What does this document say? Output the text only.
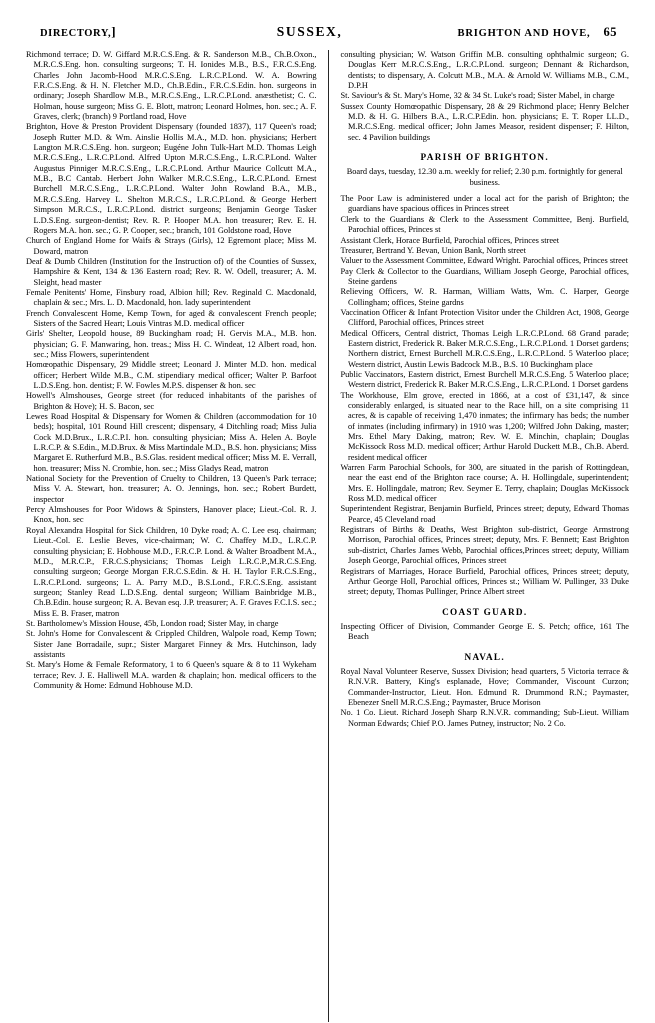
DIRECTORY,]	SUSSEX,	BRIGHTON AND HOVE, 65

Richmond terrace; D. W. Giffard M.R.C.S.Eng. & R. Sanderson M.B., Ch.B.Oxon., M.R.C.S.Eng. hon. consulting surgeons; T. H. Ionides M.B., B.S., F.R.C.S.Eng. Charles John Jacomb-Hood M.R.C.S.Eng. L.R.C.P.Lond. W. A. Bowring F.R.C.S.Eng. & H. N. Fletcher M.D., Ch.B.Edin., F.R.C.S.Edin. hon. surgeons in ordinary; Joseph Shardlow M.B., M.R.C.S.Eng., L.R.C.P.Lond. anæsthetist; C. C. Holman, house surgeon; Miss G. E. Blott, matron; Leonard Holmes, hon. sec.; A. F. Graves, clerk; (branch) 9 Portland road, Hove

Brighton, Hove & Preston Provident Dispensary (founded 1837), 117 Queen's road; Joseph Rutter M.D. & Wm. Ainslie Hollis M.A., M.D. hon. physicians; Herbert Langton M.R.C.S.Eng. hon. surgeon; Eugéne John Tulk-Hart M.D. Thomas Leigh M.R.C.S.Eng., L.R.C.P.Lond. Alfred Upton M.R.C.S.Eng., L.R.C.P.Lond. Walter Augustus Pinniger M.R.C.S.Eng., L.R.C.P.Lond. Arthur Maurice Collcutt M.A., M.B., B.C Cantab. Herbert John Walker M.R.C.S.Eng., L.R.C.P.Lond. Ernest Burchell M.R.C.S.Eng., L.R.C.P.Lond. Walter John Rowland B.A., M.B., M.R.C.S.Eng. Harvey L. Shelton M.R.C.S., L.R.C.P.Lond. & George Herbert Simpson M.R.C.S., L.R.C.P.Lond. district surgeons; Benjamin George Tasker L.D.S.Eng. surgeon-dentist; Rev. R. P. Hooper M.A. hon treasurer; Rev. E. H. Rogers M.A. hon. sec.; G. P. Cooper, sec.; branch, 101 Goldstone road, Hove

Church of England Home for Waifs & Strays (Girls), 12 Egremont place; Miss M. Doward, matron

Deaf & Dumb Children (Institution for the Instruction of) of the Counties of Sussex, Hampshire & Kent, 134 & 136 Eastern road; Rev. R. W. Odell, treasurer; A. M. Sleight, head master

Female Penitents' Home, Finsbury road, Albion hill; Rev. Reginald C. Macdonald, chaplain & sec.; Mrs. L. D. Macdonald, hon. lady superintendent

French Convalescent Home, Kemp Town, for aged & convalescent French people; Sisters of the Sacred Heart; Louis Vintras M.D. medical officer

Girls' Shelter, Leopold house, 89 Buckingham road; H. Gervis M.A., M.B. hon. physician; G. F. Manwaring, hon. treas.; Miss H. C. Windeat, 12 Albert road, hon. sec.; Miss Flowers, superintendent

Homœopathic Dispensary, 29 Middle street; Leonard J. Minter M.D. hon. medical officer; Herbert Wilde M.B., C.M. stipendiary medical officer; Walter P. Barfoot L.D.S.Eng. hon. dentist; F. W. Fowles M.P.S. dispenser & hon. sec

Howell's Almshouses, George street (for reduced inhabitants of the parishes of Brighton & Hove); H. S. Bacon, sec

Lewes Road Hospital & Dispensary for Women & Children (accommodation for 10 beds); hospital, 101 Round Hill crescent; dispensary, 4 Ditchling road; Miss Julia Cock M.D.Brux., L.R.C.P.I. hon. consulting physician; Miss A. Helen A. Boyle L.R.C.P. & S.Edin., M.D.Brux. & Miss Martindale M.D., B.S. hon. physicians; Miss Margaret E. Rutherfurd M.B., B.S.Glas. resident medical officer; Miss M. E. Verrall, hon. treasurer; Miss N. Crombie, hon. sec.; Miss Gladys Read, matron

National Society for the Prevention of Cruelty to Children, 13 Queen's Park terrace; Miss V. A. Stewart, hon. treasurer; A. O. Jennings, hon. sec.; Robert Burdett, inspector

Percy Almshouses for Poor Widows & Spinsters, Hanover place; Lieut.-Col. R. J. Knox, hon. sec

Royal Alexandra Hospital for Sick Children, 10 Dyke road; A. C. Lee esq. chairman; Lieut.-Col. E. Leslie Beves, vice-chairman; W. C. Chaffey M.D., L.R.C.P. consulting physician; E. Hobhouse M.D., F.R.C.P. Lond. & Walter Broadbent M.A., M.D., M.R.C.P., F.R.C.S.physicians; Thomas Leigh L.R.C.P.,M.R.C.S.Eng. consulting surgeon; George Morgan F.R.C.S.Edin. & H. H. Taylor F.R.C.S.Eng., L.R.C.P.Lond. surgeons; L. A. Parry M.D., B.S.Lond., F.R.C.S.Eng. assistant surgeon; Stanley Read L.D.S.Eng. dental surgeon; William Bainbridge M.B., Ch.B.Edin. house surgeon; R. A. Bevan esq. J.P. treasurer; A. F. Graves F.C.I.S. sec.; Miss E. B. Fraser, matron

St. Bartholomew's Mission House, 45b, London road; Sister May, in charge

St. John's Home for Convalescent & Crippled Children, Walpole road, Kemp Town; Sister Jane Borradaile, supr.; Sister Margaret Finney & Mrs. Hutchinson, lady assistants

St. Mary's Home & Female Reformatory, 1 to 6 Queen's square & 8 to 11 Wykeham terrace; Rev. J. E. Halliwell M.A. warden & chaplain; hon. medical officers to the Community & Home: Edmund Hobhouse M.D.

consulting physician; W. Watson Griffin M.B. consulting ophthalmic surgeon; G. Douglas Kerr M.R.C.S.Eng., L.R.C.P.Lond. surgeon; Dennant & Richardson, dentists; to dispensary, A. Colcutt M.B., M.A. & Arnold W. Williams M.B., C.M., D.P.H

St. Saviour's & St. Mary's Home, 32 & 34 St. Luke's road; Sister Mabel, in charge

Sussex County Homœopathic Dispensary, 28 & 29 Richmond place; Henry Belcher M.D. & H. G. Hilbers B.A., L.R.C.P.Edin. hon. physicians; E. T. Roper LL.D., M.R.C.S.Eng. medical officer; John James Measor, resident dispenser; F. Hilton, sec. 4 Pavilion buildings

PARISH OF BRIGHTON.

Board days, tuesday, 12.30 a.m. weekly for relief; 2.30 p.m. fortnightly for general business.

The Poor Law is administered under a local act for the parish of Brighton; the guardians have spacious offices in Princes street

Clerk to the Guardians & Clerk to the Assessment Committee, Benj. Burfield, Parochial offices, Princes st

Assistant Clerk, Horace Burfield, Parochial offices, Princes street

Treasurer, Bertrand Y. Bevan, Union Bank, North street

Valuer to the Assessment Committee, Edward Wright. Parochial offices, Princes street

Pay Clerk & Collector to the Guardians, William Joseph George, Parochial offices, Steine gardens

Relieving Officers, W. R. Harman, William Watts, Wm. C. Harper, George Collingham; offices, Steine gardns

Vaccination Officer & Infant Protection Visitor under the Children Act, 1908, George Clifford, Parochial offices, Princes street

Medical Officers, Central district, Thomas Leigh L.R.C.P.Lond. 68 Grand parade; Eastern district, Frederick R. Baker M.R.C.S.Eng., L.R.C.P.Lond. 1 Dorset gardens; Northern district, Ernest Burchell M.R.C.S.Eng., L.R.C.P.Lond. 5 Waterloo place; Western district, Austin Lewis Badcock M.B., B.S. 10 Buckingham place

Public Vaccinators, Eastern district, Ernest Burchell M.R.C.S.Eng. 5 Waterloo place; Western district, Frederick R. Baker M.R.C.S.Eng., L.R.C.P.Lond. 1 Dorset gardens

The Workhouse, Elm grove, erected in 1866, at a cost of £31,147, & since considerably enlarged, is situated near to the Race hill, on a site comprising 11 acres, & is capable of receiving 1,470 inmates; the infirmary has beds; the number of inmates (including infirmary) in 1910 was 1,200; Wilfred John Daking, master; Mrs. Ethel Mary Daking, matron; Rev. W. E. Minchin, chaplain; Douglas McKissock Ross M.D. medical officer; Arthur Harold Duckett M.B., Ch.B. Aberd. resident medical officer

Warren Farm Parochial Schools, for 300, are situated in the parish of Rottingdean, near the east end of the Brighton race course; A. H. Hollingdale, superintendent; Mrs. E. Hollingdale, matron; Rev. Seymer E. Terry, chaplain; Douglas McKissock Ross M.D. medical officer

Superintendent Registrar, Benjamin Burfield, Princes street; deputy, Edward Thomas Pearce, 45 Cleveland road

Registrars of Births & Deaths, West Brighton sub-district, George Armstrong Morrison, Parochial offices, Princes street; deputy, Mrs. F. Bennett; East Brighton sub-district, Charles James Webb, Parochial offices,Princes street; deputy, William Joseph George, Parochial offices, Princes street

Registrars of Marriages, Horace Burfield, Parochial offices, Princes street; deputy, Arthur George Holl, Parochial offices, Princes st.; William W. Pullinger, 33 Duke street; deputy, Thomas Pullinger, Prince Albert street

COAST GUARD.

Inspecting Officer of Division, Commander George E. S. Petch; office, 161 The Beach

NAVAL.

Royal Naval Volunteer Reserve, Sussex Division; head quarters, 5 Victoria terrace & R.N.V.R. Battery, King's esplanade, Hove; Commander, Viscount Curzon; Commander-Instructor, Lieut. Hon. Edmund R. Drummond R.N.; Paymaster, Ebenezer Snell M.R.C.S.Eng.; Paymaster, Bruce Morison

No. 1 Co. Lieut. Richard Joseph Sharp R.N.V.R. commanding; Sub-Lieut. William Norman Edwards; Chief P.O. James Putney, instructor; No. 2 Co.
